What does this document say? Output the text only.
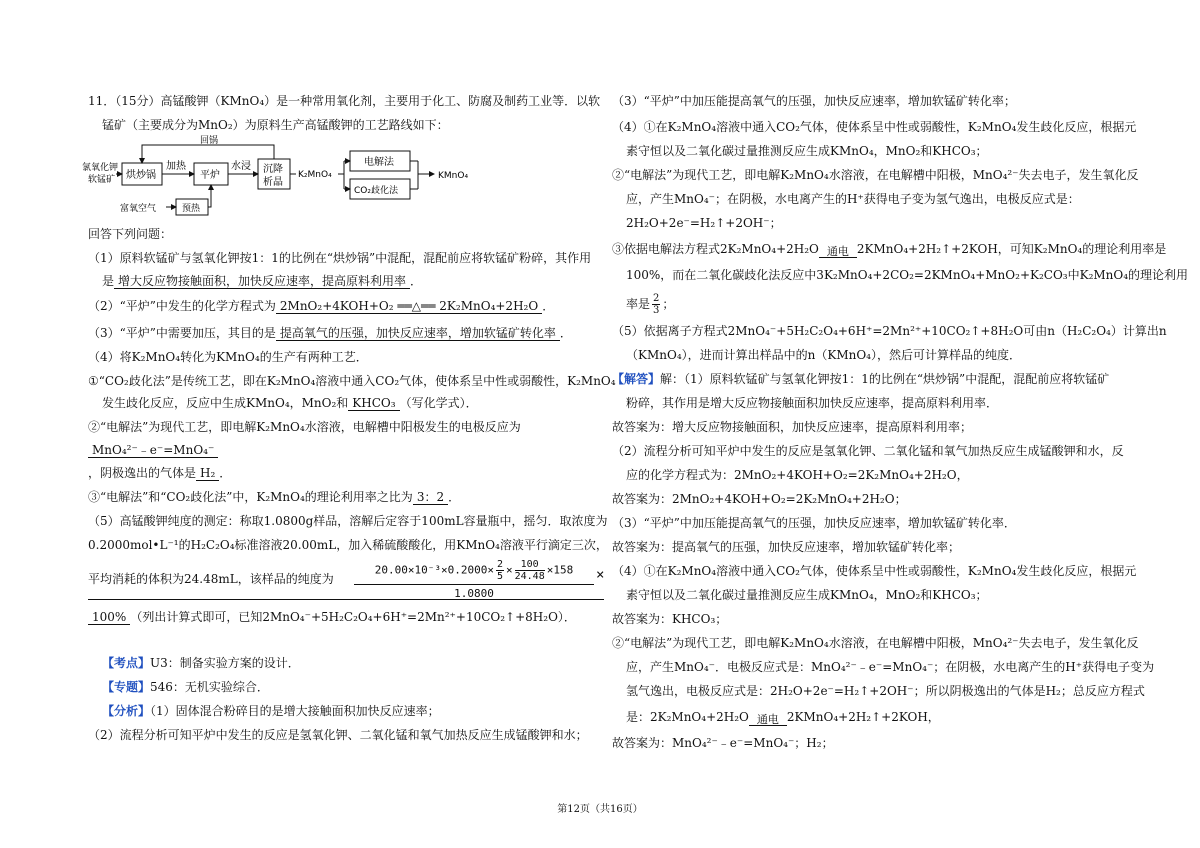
11．（15分）高锰酸钾（KMnO₄）是一种常用氧化剂，主要用于化工、防腐及制药工业等．以软
锰矿（主要成分为MnO₂）为原料生产高锰酸钾的工艺路线如下：
氯氧化钾
软锰矿 烘炒锅
加热
平炉
水浸 沉降
析晶
K₂MnO₄
电解法
CO₂歧化法
KMnO₄
回锅
富氧空气	预热
回答下列问题：
（1）原料软锰矿与氢氧化钾按1：1的比例在“烘炒锅”中混配，混配前应将软锰矿粉碎，其作用
是 增大反应物接触面积，加快反应速率，提高原料利用率 ．
（2）“平炉”中发生的化学方程式为 2MnO₂+4KOH+O₂ ══△══ 2K₂MnO₄+2H₂O ．
（3）“平炉”中需要加压，其目的是 提高氧气的压强，加快反应速率，增加软锰矿转化率 ．
（4）将K₂MnO₄转化为KMnO₄的生产有两种工艺．
①“CO₂歧化法”是传统工艺，即在K₂MnO₄溶液中通入CO₂气体，使体系呈中性或弱酸性，K₂MnO₄
发生歧化反应，反应中生成KMnO₄，MnO₂和 KHCO₃ （写化学式）．
②“电解法”为现代工艺，即电解K₂MnO₄水溶液，电解槽中阳极发生的电极反应为
MnO₄²⁻﹣e⁻=MnO₄⁻
，阴极逸出的气体是 H₂ ．
③“电解法”和“CO₂歧化法”中，K₂MnO₄的理论利用率之比为 3：2 ．
（5）高锰酸钾纯度的测定：称取1.0800g样品，溶解后定容于100mL容量瓶中，摇匀．取浓度为
0.2000mol•L⁻¹的H₂C₂O₄标准溶液20.00mL，加入稀硫酸酸化，用KMnO₄溶液平行滴定三次，
平均消耗的体积为24.48mL，该样品的纯度为
$20.00\times 10^{-3}\times 0.2000\times \frac{2}{5} \times \frac{100}{24.48} \times 158$
1.0800
×
100% （列出计算式即可，已知2MnO₄⁻+5H₂C₂O₄+6H⁺=2Mn²⁺+10CO₂↑+8H₂O）．
【考点】U3：制备实验方案的设计．
【专题】546：无机实验综合．
【分析】（1）固体混合粉碎目的是增大接触面积加快反应速率；
（2）流程分析可知平炉中发生的反应是氢氧化钾、二氧化锰和氧气加热反应生成锰酸钾和水；
（3）“平炉”中加压能提高氧气的压强，加快反应速率，增加软锰矿转化率；
（4）①在K₂MnO₄溶液中通入CO₂气体，使体系呈中性或弱酸性，K₂MnO₄发生歧化反应，根据元
素守恒以及二氧化碳过量推测反应生成KMnO₄，MnO₂和KHCO₃；
②“电解法”为现代工艺，即电解K₂MnO₄水溶液，在电解槽中阳极，MnO₄²⁻失去电子，发生氧化反
应，产生MnO₄⁻；在阴极，水电离产生的H⁺获得电子变为氢气逸出，电极反应式是：
2H₂O+2e⁻=H₂↑+2OH⁻；
③依据电解法方程式2K₂MnO₄+2H₂O 通电 2KMnO₄+2H₂↑+2KOH，可知K₂MnO₄的理论利用率是
100%，而在二氧化碳歧化法反应中3K₂MnO₄+2CO₂=2KMnO₄+MnO₂+K₂CO₃中K₂MnO₄的理论利用
率是 $\frac{2}{3}$ ；
（5）依据离子方程式2MnO₄⁻+5H₂C₂O₄+6H⁺=2Mn²⁺+10CO₂↑+8H₂O可由n（H₂C₂O₄）计算出n
（KMnO₄），进而计算出样品中的n（KMnO₄），然后可计算样品的纯度．
【解答】解：（1）原料软锰矿与氢氧化钾按1：1的比例在“烘炒锅”中混配，混配前应将软锰矿
粉碎，其作用是增大反应物接触面积加快反应速率，提高原料利用率．
故答案为：增大反应物接触面积，加快反应速率，提高原料利用率；
（2）流程分析可知平炉中发生的反应是氢氧化钾、二氧化锰和氧气加热反应生成锰酸钾和水，反
应的化学方程式为：2MnO₂+4KOH+O₂=2K₂MnO₄+2H₂O，
故答案为：2MnO₂+4KOH+O₂=2K₂MnO₄+2H₂O；
（3）“平炉”中加压能提高氧气的压强，加快反应速率，增加软锰矿转化率．
故答案为：提高氧气的压强，加快反应速率，增加软锰矿转化率；
（4）①在K₂MnO₄溶液中通入CO₂气体，使体系呈中性或弱酸性，K₂MnO₄发生歧化反应，根据元
素守恒以及二氧化碳过量推测反应生成KMnO₄，MnO₂和KHCO₃；
故答案为：KHCO₃；
②“电解法”为现代工艺，即电解K₂MnO₄水溶液，在电解槽中阳极，MnO₄²⁻失去电子，发生氧化反
应，产生MnO₄⁻．电极反应式是：MnO₄²⁻﹣e⁻=MnO₄⁻；在阴极，水电离产生的H⁺获得电子变为
氢气逸出，电极反应式是：2H₂O+2e⁻=H₂↑+2OH⁻；所以阴极逸出的气体是H₂；总反应方程式
是：2K₂MnO₄+2H₂O 通电 2KMnO₄+2H₂↑+2KOH，
故答案为：MnO₄²⁻﹣e⁻=MnO₄⁻；H₂；
第12页（共16页）
